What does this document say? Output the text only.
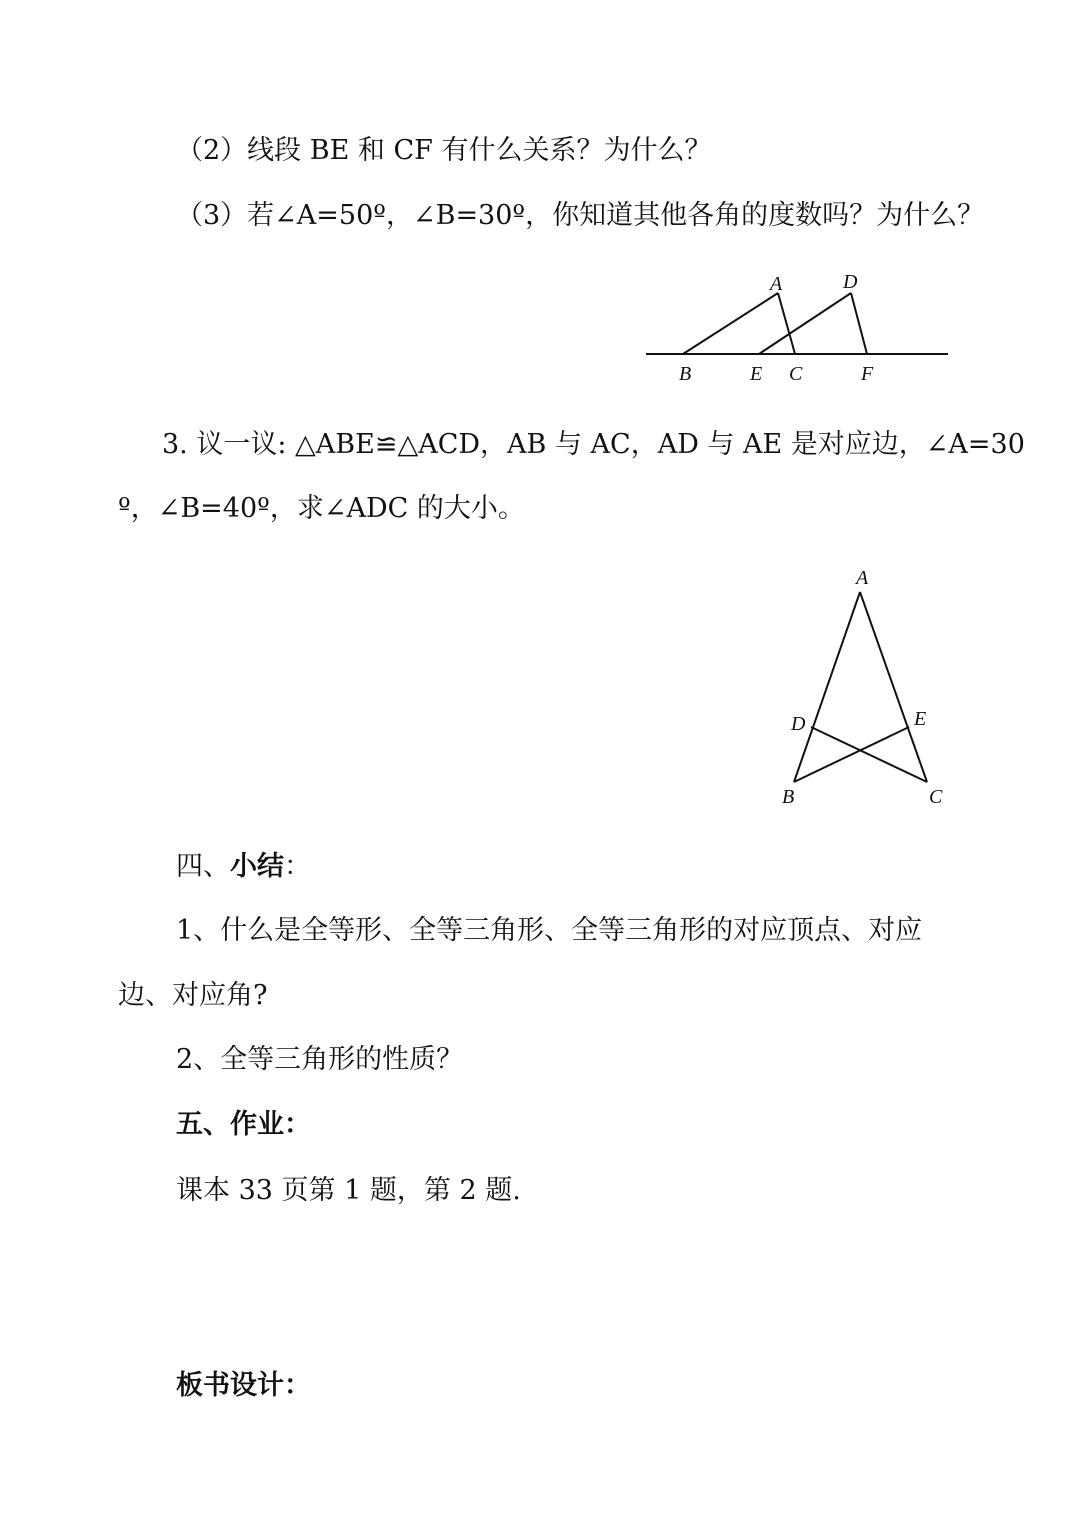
（2）线段 BE 和 CF 有什么关系？为什么？

（3）若∠A=50º，∠B=30º，你知道其他各角的度数吗？为什么？

A	D
B	E C	F

3. 议一议: △ABE≌△ACD，AB 与 AC，AD 与 AE 是对应边，∠A=30

º，∠B=40º，求∠ADC 的大小。

A
D	E
B	C

四、小结：

1、什么是全等形、全等三角形、全等三角形的对应顶点、对应

边、对应角?

2、全等三角形的性质？

五、作业：

课本 33 页第 1 题，第 2 题.

板书设计：
